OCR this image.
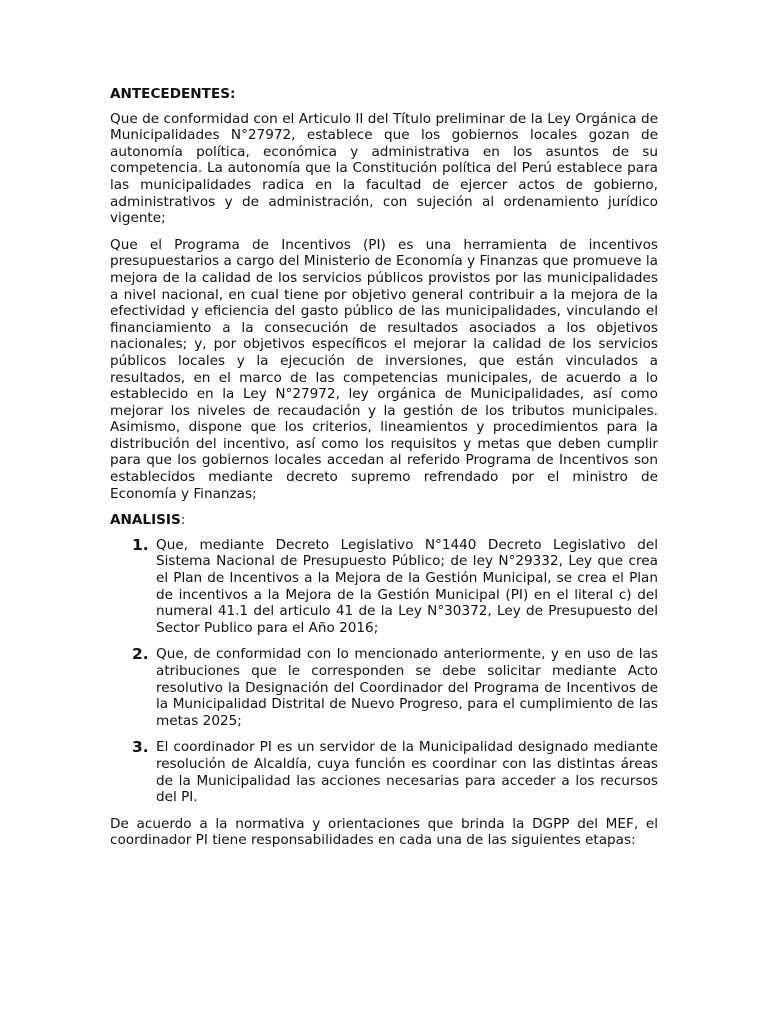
ANTECEDENTES:

Que de conformidad con el Articulo II del Título preliminar de la Ley Orgánica de Municipalidades N°27972, establece que los gobiernos locales gozan de autonomía política, económica y administrativa en los asuntos de su competencia. La autonomía que la Constitución política del Perú establece para las municipalidades radica en la facultad de ejercer actos de gobierno, administrativos y de administración, con sujeción al ordenamiento jurídico vigente;

Que el Programa de Incentivos (PI) es una herramienta de incentivos presupuestarios a cargo del Ministerio de Economía y Finanzas que promueve la mejora de la calidad de los servicios públicos provistos por las municipalidades a nivel nacional, en cual tiene por objetivo general contribuir a la mejora de la efectividad y eficiencia del gasto público de las municipalidades, vinculando el financiamiento a la consecución de resultados asociados a los objetivos nacionales; y, por objetivos específicos el mejorar la calidad de los servicios públicos locales y la ejecución de inversiones, que están vinculados a resultados, en el marco de las competencias municipales, de acuerdo a lo establecido en la Ley N°27972, ley orgánica de Municipalidades, así como mejorar los niveles de recaudación y la gestión de los tributos municipales. Asimismo, dispone que los criterios, lineamientos y procedimientos para la distribución del incentivo, así como los requisitos y metas que deben cumplir para que los gobiernos locales accedan al referido Programa de Incentivos son establecidos mediante decreto supremo refrendado por el ministro de Economía y Finanzas;

ANALISIS:
1. Que, mediante Decreto Legislativo N°1440 Decreto Legislativo del Sistema Nacional de Presupuesto Público; de ley N°29332, Ley que crea el Plan de Incentivos a la Mejora de la Gestión Municipal, se crea el Plan de incentivos a la Mejora de la Gestión Municipal (PI) en el literal c) del numeral 41.1 del articulo 41 de la Ley N°30372, Ley de Presupuesto del Sector Publico para el Año 2016;
2. Que, de conformidad con lo mencionado anteriormente, y en uso de las atribuciones que le corresponden se debe solicitar mediante Acto resolutivo la Designación del Coordinador del Programa de Incentivos de la Municipalidad Distrital de Nuevo Progreso, para el cumplimiento de las metas 2025;
3. El coordinador PI es un servidor de la Municipalidad designado mediante resolución de Alcaldía, cuya función es coordinar con las distintas áreas de la Municipalidad las acciones necesarias para acceder a los recursos del PI.

De acuerdo a la normativa y orientaciones que brinda la DGPP del MEF, el coordinador PI tiene responsabilidades en cada una de las siguientes etapas:
